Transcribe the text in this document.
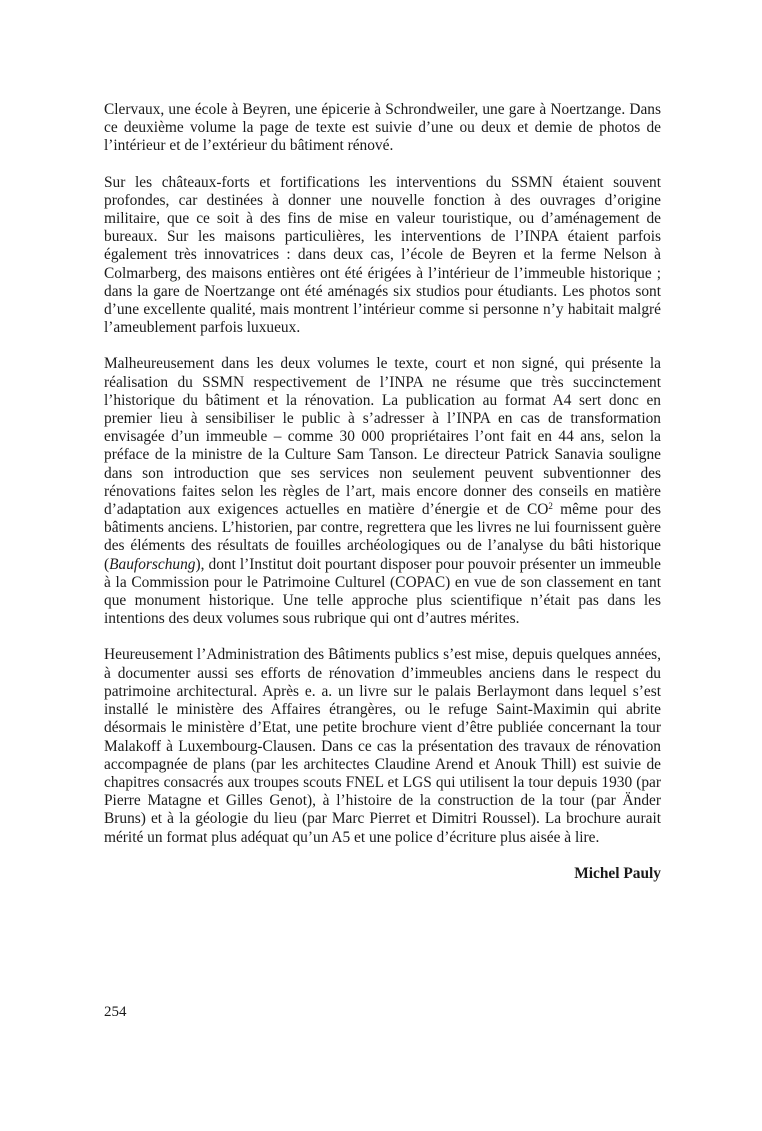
Clervaux, une école à Beyren, une épicerie à Schrondweiler, une gare à Noertzange. Dans ce deuxième volume la page de texte est suivie d’une ou deux et demie de photos de l’intérieur et de l’extérieur du bâtiment rénové.

Sur les châteaux-forts et fortifications les interventions du SSMN étaient souvent profondes, car destinées à donner une nouvelle fonction à des ouvrages d’origine militaire, que ce soit à des fins de mise en valeur touristique, ou d’aménagement de bureaux. Sur les maisons particulières, les interventions de l’INPA étaient parfois également très innovatrices : dans deux cas, l’école de Beyren et la ferme Nelson à Colmarberg, des maisons entières ont été érigées à l’intérieur de l’immeuble historique ; dans la gare de Noertzange ont été aménagés six studios pour étudiants. Les photos sont d’une excellente qualité, mais montrent l’intérieur comme si personne n’y habitait malgré l’ameublement parfois luxueux.

Malheureusement dans les deux volumes le texte, court et non signé, qui présente la réalisation du SSMN respectivement de l’INPA ne résume que très succinctement l’historique du bâtiment et la rénovation. La publication au format A4 sert donc en premier lieu à sensibiliser le public à s’adresser à l’INPA en cas de transformation envisagée d’un immeuble – comme 30 000 propriétaires l’ont fait en 44 ans, selon la préface de la ministre de la Culture Sam Tanson. Le directeur Patrick Sanavia souligne dans son introduction que ses services non seulement peuvent subventionner des rénovations faites selon les règles de l’art, mais encore donner des conseils en matière d’adaptation aux exigences actuelles en matière d’énergie et de $CO^2$ même pour des bâtiments anciens. L’historien, par contre, regrettera que les livres ne lui fournissent guère des éléments des résultats de fouilles archéologiques ou de l’analyse du bâti historique (Bauforschung), dont l’Institut doit pourtant disposer pour pouvoir présenter un immeuble à la Commission pour le Patrimoine Culturel (COPAC) en vue de son classement en tant que monument historique. Une telle approche plus scientifique n’était pas dans les intentions des deux volumes sous rubrique qui ont d’autres mérites.

Heureusement l’Administration des Bâtiments publics s’est mise, depuis quelques années, à documenter aussi ses efforts de rénovation d’immeubles anciens dans le respect du patrimoine architectural. Après e. a. un livre sur le palais Berlaymont dans lequel s’est installé le ministère des Affaires étrangères, ou le refuge Saint-Maximin qui abrite désormais le ministère d’Etat, une petite brochure vient d’être publiée concernant la tour Malakoff à Luxembourg-Clausen. Dans ce cas la présentation des travaux de rénovation accompagnée de plans (par les architectes Claudine Arend et Anouk Thill) est suivie de chapitres consacrés aux troupes scouts FNEL et LGS qui utilisent la tour depuis 1930 (par Pierre Matagne et Gilles Genot), à l’histoire de la construction de la tour (par Änder Bruns) et à la géologie du lieu (par Marc Pierret et Dimitri Roussel). La brochure aurait mérité un format plus adéquat qu’un A5 et une police d’écriture plus aisée à lire.

Michel Pauly

254
